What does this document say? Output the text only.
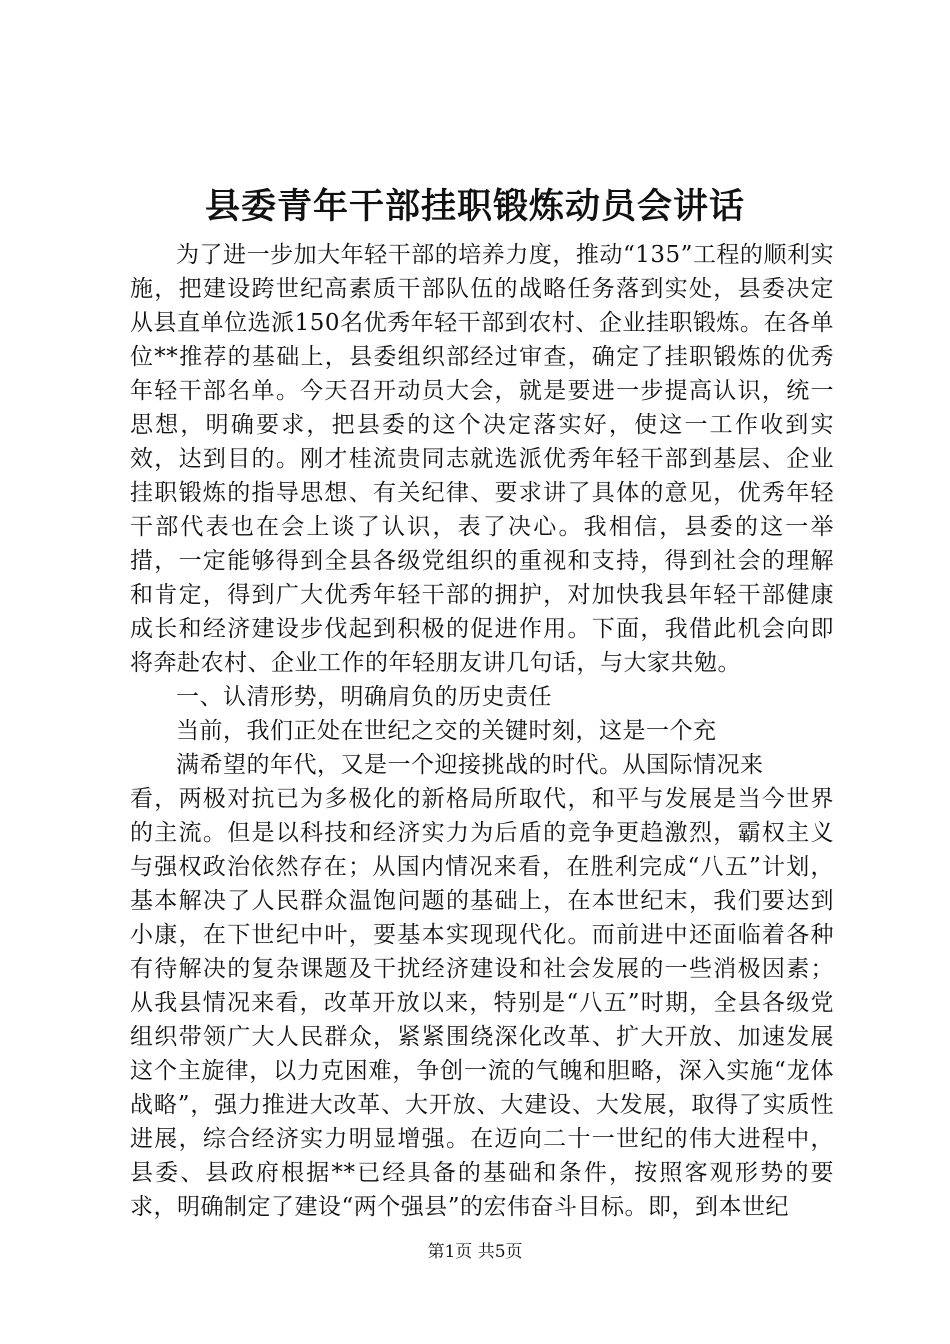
县委青年干部挂职锻炼动员会讲话

为了进一步加大年轻干部的培养力度，推动“135”工程的顺利实施，把建设跨世纪高素质干部队伍的战略任务落到实处，县委决定从县直单位选派150名优秀年轻干部到农村、企业挂职锻炼。在各单位**推荐的基础上，县委组织部经过审查，确定了挂职锻炼的优秀年轻干部名单。今天召开动员大会，就是要进一步提高认识，统一思想，明确要求，把县委的这个决定落实好，使这一工作收到实效，达到目的。刚才桂流贵同志就选派优秀年轻干部到基层、企业挂职锻炼的指导思想、有关纪律、要求讲了具体的意见，优秀年轻干部代表也在会上谈了认识，表了决心。我相信，县委的这一举措，一定能够得到全县各级党组织的重视和支持，得到社会的理解和肯定，得到广大优秀年轻干部的拥护，对加快我县年轻干部健康成长和经济建设步伐起到积极的促进作用。下面，我借此机会向即将奔赴农村、企业工作的年轻朋友讲几句话，与大家共勉。

一、认清形势，明确肩负的历史责任

当前，我们正处在世纪之交的关键时刻，这是一个充

满希望的年代，又是一个迎接挑战的时代。从国际情况来

看，两极对抗已为多极化的新格局所取代，和平与发展是当今世界的主流。但是以科技和经济实力为后盾的竞争更趋激烈，霸权主义与强权政治依然存在；从国内情况来看，在胜利完成“八五”计划，基本解决了人民群众温饱问题的基础上，在本世纪末，我们要达到小康，在下世纪中叶，要基本实现现代化。而前进中还面临着各种有待解决的复杂课题及干扰经济建设和社会发展的一些消极因素；从我县情况来看，改革开放以来，特别是“八五”时期，全县各级党组织带领广大人民群众，紧紧围绕深化改革、扩大开放、加速发展这个主旋律，以力克困难，争创一流的气魄和胆略，深入实施“龙体战略”，强力推进大改革、大开放、大建设、大发展，取得了实质性进展，综合经济实力明显增强。在迈向二十一世纪的伟大进程中，县委、县政府根据**已经具备的基础和条件，按照客观形势的要求，明确制定了建设“两个强县”的宏伟奋斗目标。即，到本世纪

第1页 共5页
